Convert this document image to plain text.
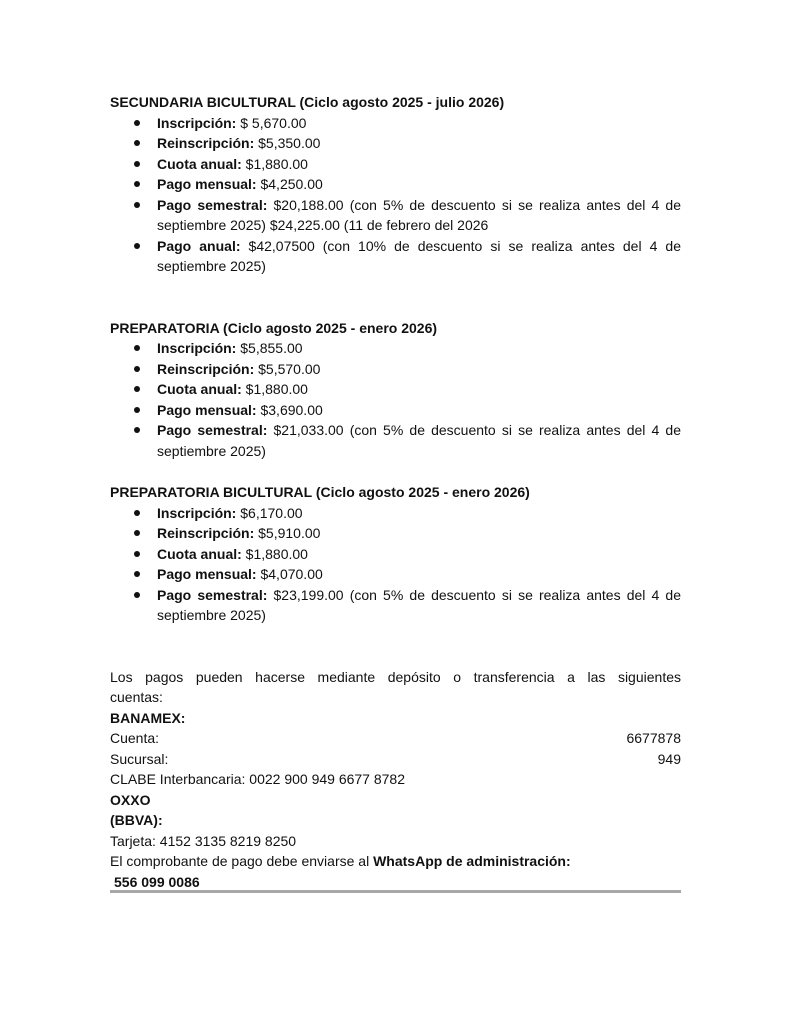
SECUNDARIA BICULTURAL (Ciclo agosto 2025 - julio 2026)

Inscripción: $ 5,670.00
Reinscripción: $5,350.00
Cuota anual: $1,880.00
Pago mensual: $4,250.00
Pago semestral: $20,188.00 (con 5% de descuento si se realiza antes del 4 de septiembre 2025) $24,225.00 (11 de febrero del 2026
Pago anual: $42,07500 (con 10% de descuento si se realiza antes del 4 de septiembre 2025)

PREPARATORIA (Ciclo agosto 2025 - enero 2026)

Inscripción: $5,855.00
Reinscripción: $5,570.00
Cuota anual: $1,880.00
Pago mensual: $3,690.00
Pago semestral: $21,033.00 (con 5% de descuento si se realiza antes del 4 de septiembre 2025)

PREPARATORIA BICULTURAL (Ciclo agosto 2025 - enero 2026)

Inscripción: $6,170.00
Reinscripción: $5,910.00
Cuota anual: $1,880.00
Pago mensual: $4,070.00
Pago semestral: $23,199.00 (con 5% de descuento si se realiza antes del 4 de septiembre 2025)

Los pagos pueden hacerse mediante depósito o transferencia a las siguientes cuentas:

BANAMEX:

Cuenta:	6677878
Sucursal:	949

CLABE Interbancaria: 0022 900 949 6677 8782

OXXO

(BBVA):

Tarjeta: 4152 3135 8219 8250

El comprobante de pago debe enviarse al WhatsApp de administración:

556 099 0086
